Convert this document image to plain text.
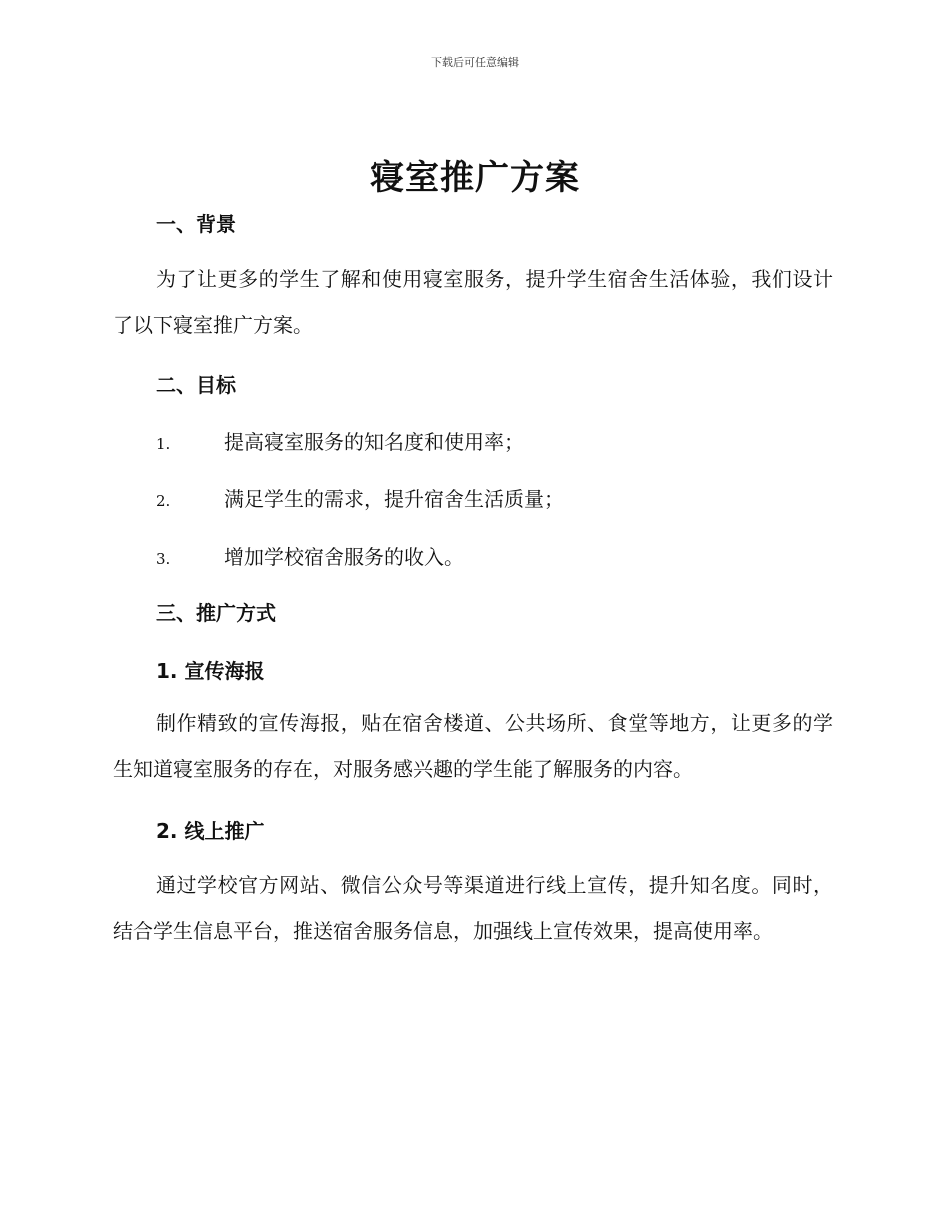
下载后可任意编辑
寝室推广方案
一、背景

为了让更多的学生了解和使用寝室服务，提升学生宿舍生活体验，我们设计了以下寝室推广方案。

二、目标
1.	提高寝室服务的知名度和使用率；
2.	满足学生的需求，提升宿舍生活质量；
3.	增加学校宿舍服务的收入。
三、推广方式
1. 宣传海报

制作精致的宣传海报，贴在宿舍楼道、公共场所、食堂等地方，让更多的学生知道寝室服务的存在，对服务感兴趣的学生能了解服务的内容。

2. 线上推广

通过学校官方网站、微信公众号等渠道进行线上宣传，提升知名度。同时，结合学生信息平台，推送宿舍服务信息，加强线上宣传效果，提高使用率。
